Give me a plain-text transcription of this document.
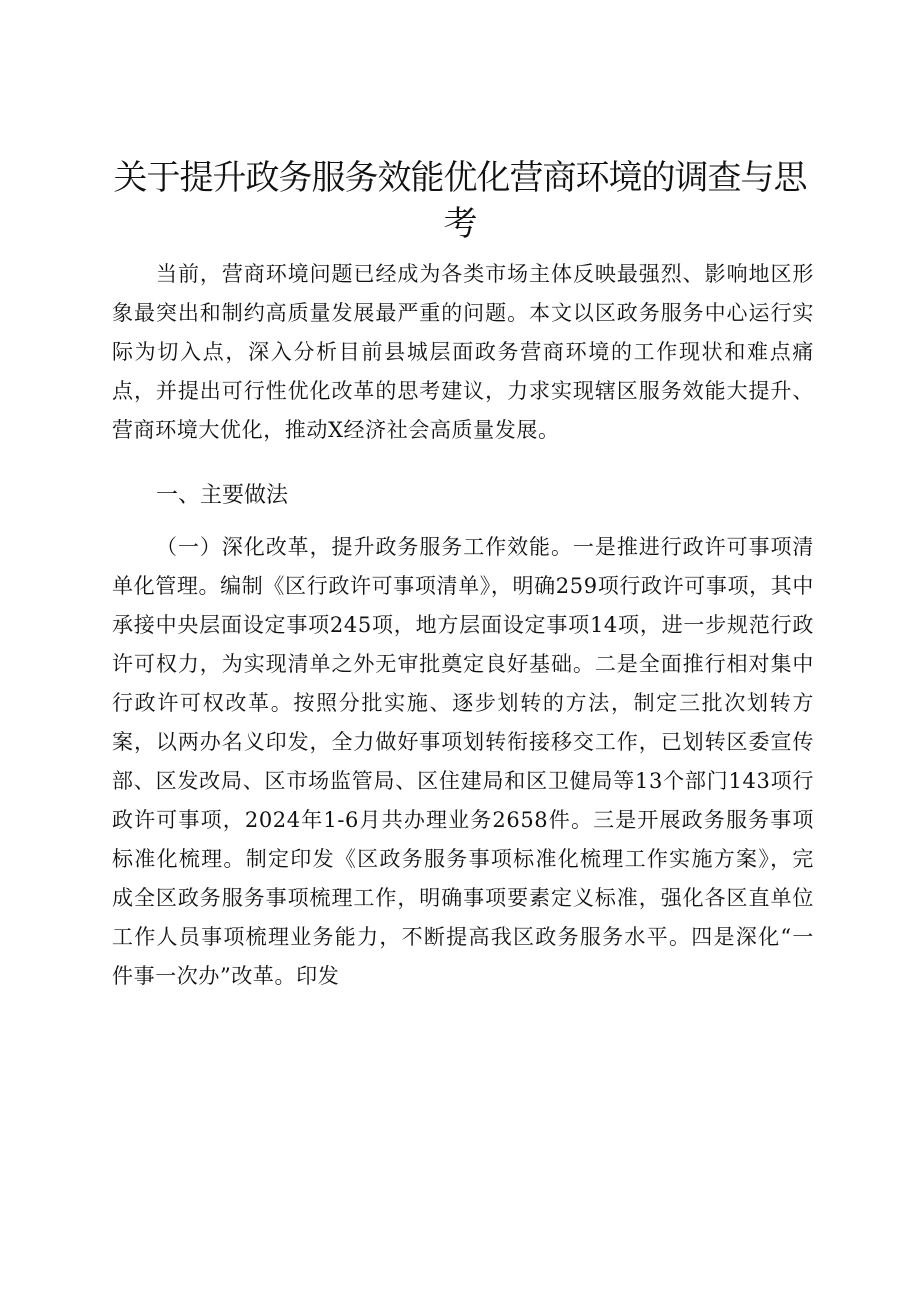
关于提升政务服务效能优化营商环境的调查与思考

当前，营商环境问题已经成为各类市场主体反映最强烈、影响地区形象最突出和制约高质量发展最严重的问题。本文以区政务服务中心运行实际为切入点，深入分析目前县城层面政务营商环境的工作现状和难点痛点，并提出可行性优化改革的思考建议，力求实现辖区服务效能大提升、营商环境大优化，推动X经济社会高质量发展。

一、主要做法

（一）深化改革，提升政务服务工作效能。一是推进行政许可事项清单化管理。编制《区行政许可事项清单》，明确259项行政许可事项，其中承接中央层面设定事项245项，地方层面设定事项14项，进一步规范行政许可权力，为实现清单之外无审批奠定良好基础。二是全面推行相对集中行政许可权改革。按照分批实施、逐步划转的方法，制定三批次划转方案，以两办名义印发，全力做好事项划转衔接移交工作，已划转区委宣传部、区发改局、区市场监管局、区住建局和区卫健局等13个部门143项行政许可事项，2024年1-6月共办理业务2658件。三是开展政务服务事项标准化梳理。制定印发《区政务服务事项标准化梳理工作实施方案》，完成全区政务服务事项梳理工作，明确事项要素定义标准，强化各区直单位工作人员事项梳理业务能力，不断提高我区政务服务水平。四是深化“一件事一次办”改革。印发
